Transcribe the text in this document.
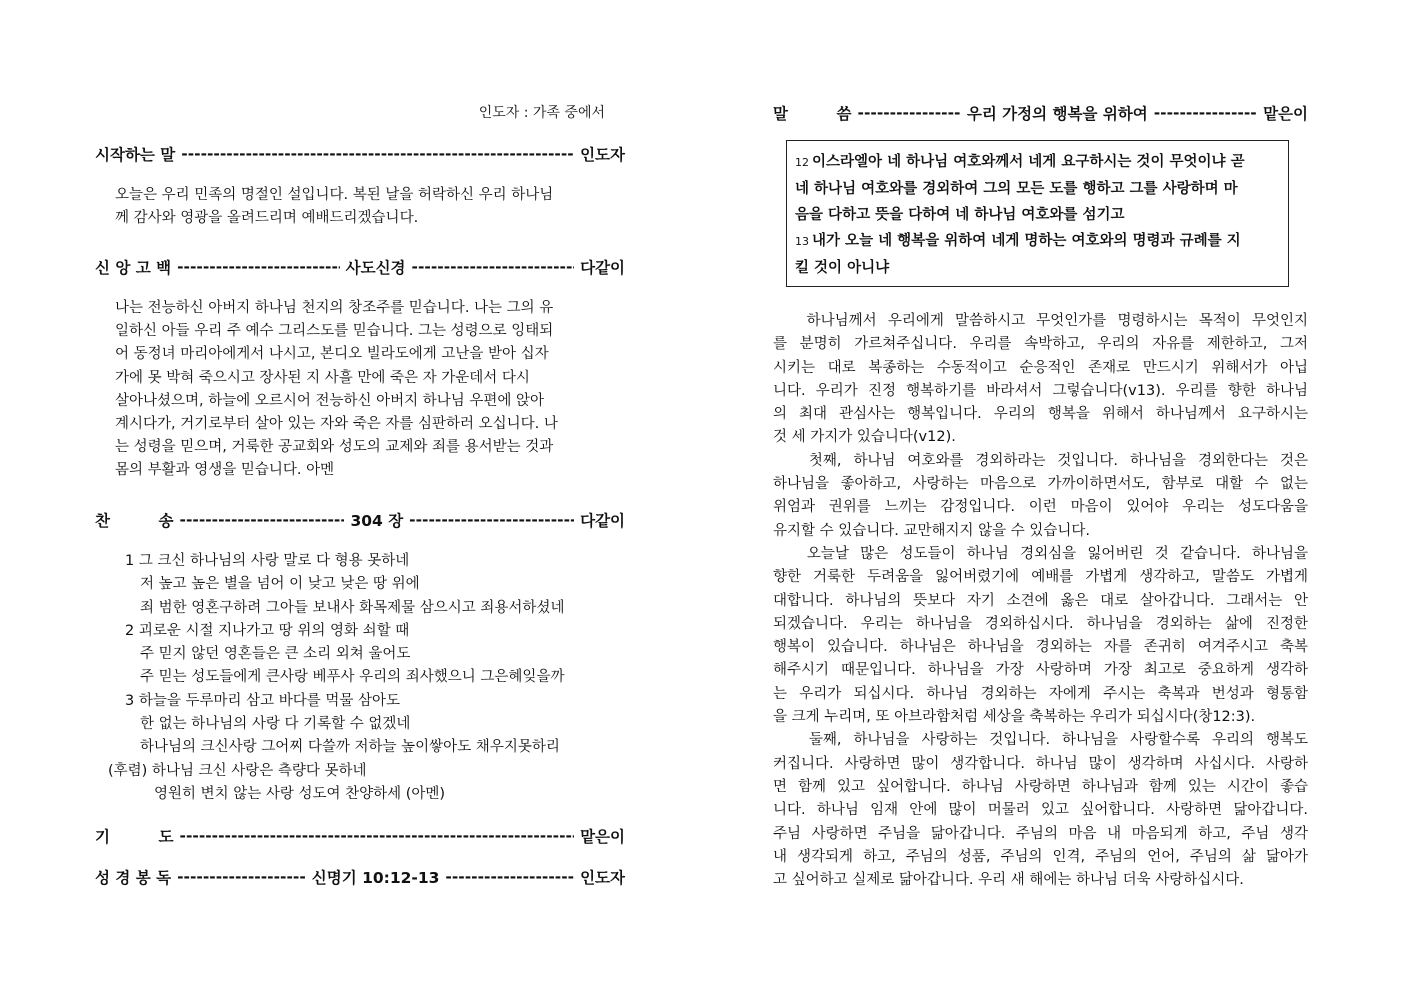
인도자 : 가족 중에서
시작하는 말 -----	인도자
오늘은 우리 민족의 명절인 설입니다. 복된 날을 허락하신 우리 하나님
께 감사와 영광을 올려드리며 예배드리겠습니다.
신 앙 고 백 -----	사도신경 -----	다같이
나는 전능하신 아버지 하나님 천지의 창조주를 믿습니다. 나는 그의 유
일하신 아들 우리 주 예수 그리스도를 믿습니다. 그는 성령으로 잉태되
어 동정녀 마리아에게서 나시고, 본디오 빌라도에게 고난을 받아 십자
가에 못 박혀 죽으시고 장사된 지 사흘 만에 죽은 자 가운데서 다시
살아나셨으며, 하늘에 오르시어 전능하신 아버지 하나님 우편에 앉아
계시다가, 거기로부터 살아 있는 자와 죽은 자를 심판하러 오십니다. 나
는 성령을 믿으며, 거룩한 공교회와 성도의 교제와 죄를 용서받는 것과
몸의 부활과 영생을 믿습니다. 아멘
찬         송 -----	304 장 -----	다같이
1 그 크신 하나님의 사랑 말로 다 형용 못하네
저 높고 높은 별을 넘어 이 낮고 낮은 땅 위에
죄 범한 영혼구하려 그아들 보내사 화목제물 삼으시고 죄용서하셨네
2 괴로운 시절 지나가고 땅 위의 영화 쇠할 때
주 믿지 않던 영혼들은 큰 소리 외쳐 울어도
주 믿는 성도들에게 큰사랑 베푸사 우리의 죄사했으니 그은혜잊을까
3 하늘을 두루마리 삼고 바다를 먹물 삼아도
한 없는 하나님의 사랑 다 기록할 수 없겠네
하나님의 크신사랑 그어찌 다쓸까 저하늘 높이쌓아도 채우지못하리
(후렴) 하나님 크신 사랑은 측량다 못하네
영원히 변치 않는 사랑 성도여 찬양하세 (아멘)
기         도 -----	맡은이
성 경 봉 독 -----	신명기 10:12-13 -----	인도자
말         씀 -----	우리 가정의 행복을 위하여 -----	맡은이
12 이스라엘아 네 하나님 여호와께서 네게 요구하시는 것이 무엇이냐 곧
네 하나님 여호와를 경외하여 그의 모든 도를 행하고 그를 사랑하며 마
음을 다하고 뜻을 다하여 네 하나님 여호와를 섬기고
13 내가 오늘 네 행복을 위하여 네게 명하는 여호와의 명령과 규례를 지
킬 것이 아니냐
하나님께서 우리에게 말씀하시고 무엇인가를 명령하시는 목적이 무엇인지
를 분명히 가르쳐주십니다. 우리를 속박하고, 우리의 자유를 제한하고, 그저
시키는 대로 복종하는 수동적이고 순응적인 존재로 만드시기 위해서가 아닙
니다. 우리가 진정 행복하기를 바라셔서 그렇습니다(v13). 우리를 향한 하나님
의 최대 관심사는 행복입니다. 우리의 행복을 위해서 하나님께서 요구하시는
것 세 가지가 있습니다(v12).
첫째, 하나님 여호와를 경외하라는 것입니다. 하나님을 경외한다는 것은
하나님을 좋아하고, 사랑하는 마음으로 가까이하면서도, 함부로 대할 수 없는
위엄과 권위를 느끼는 감정입니다. 이런 마음이 있어야 우리는 성도다움을
유지할 수 있습니다. 교만해지지 않을 수 있습니다.
오늘날 많은 성도들이 하나님 경외심을 잃어버린 것 같습니다. 하나님을
향한 거룩한 두려움을 잃어버렸기에 예배를 가볍게 생각하고, 말씀도 가볍게
대합니다. 하나님의 뜻보다 자기 소견에 옳은 대로 살아갑니다. 그래서는 안
되겠습니다. 우리는 하나님을 경외하십시다. 하나님을 경외하는 삶에 진정한
행복이 있습니다. 하나님은 하나님을 경외하는 자를 존귀히 여겨주시고 축복
해주시기 때문입니다. 하나님을 가장 사랑하며 가장 최고로 중요하게 생각하
는 우리가 되십시다. 하나님 경외하는 자에게 주시는 축복과 번성과 형통함
을 크게 누리며, 또 아브라함처럼 세상을 축복하는 우리가 되십시다(창12:3).
둘째, 하나님을 사랑하는 것입니다. 하나님을 사랑할수록 우리의 행복도
커집니다. 사랑하면 많이 생각합니다. 하나님 많이 생각하며 사십시다. 사랑하
면 함께 있고 싶어합니다. 하나님 사랑하면 하나님과 함께 있는 시간이 좋습
니다. 하나님 임재 안에 많이 머물러 있고 싶어합니다. 사랑하면 닮아갑니다.
주님 사랑하면 주님을 닮아갑니다. 주님의 마음 내 마음되게 하고, 주님 생각
내 생각되게 하고, 주님의 성품, 주님의 인격, 주님의 언어, 주님의 삶 닮아가
고 싶어하고 실제로 닮아갑니다. 우리 새 해에는 하나님 더욱 사랑하십시다.
